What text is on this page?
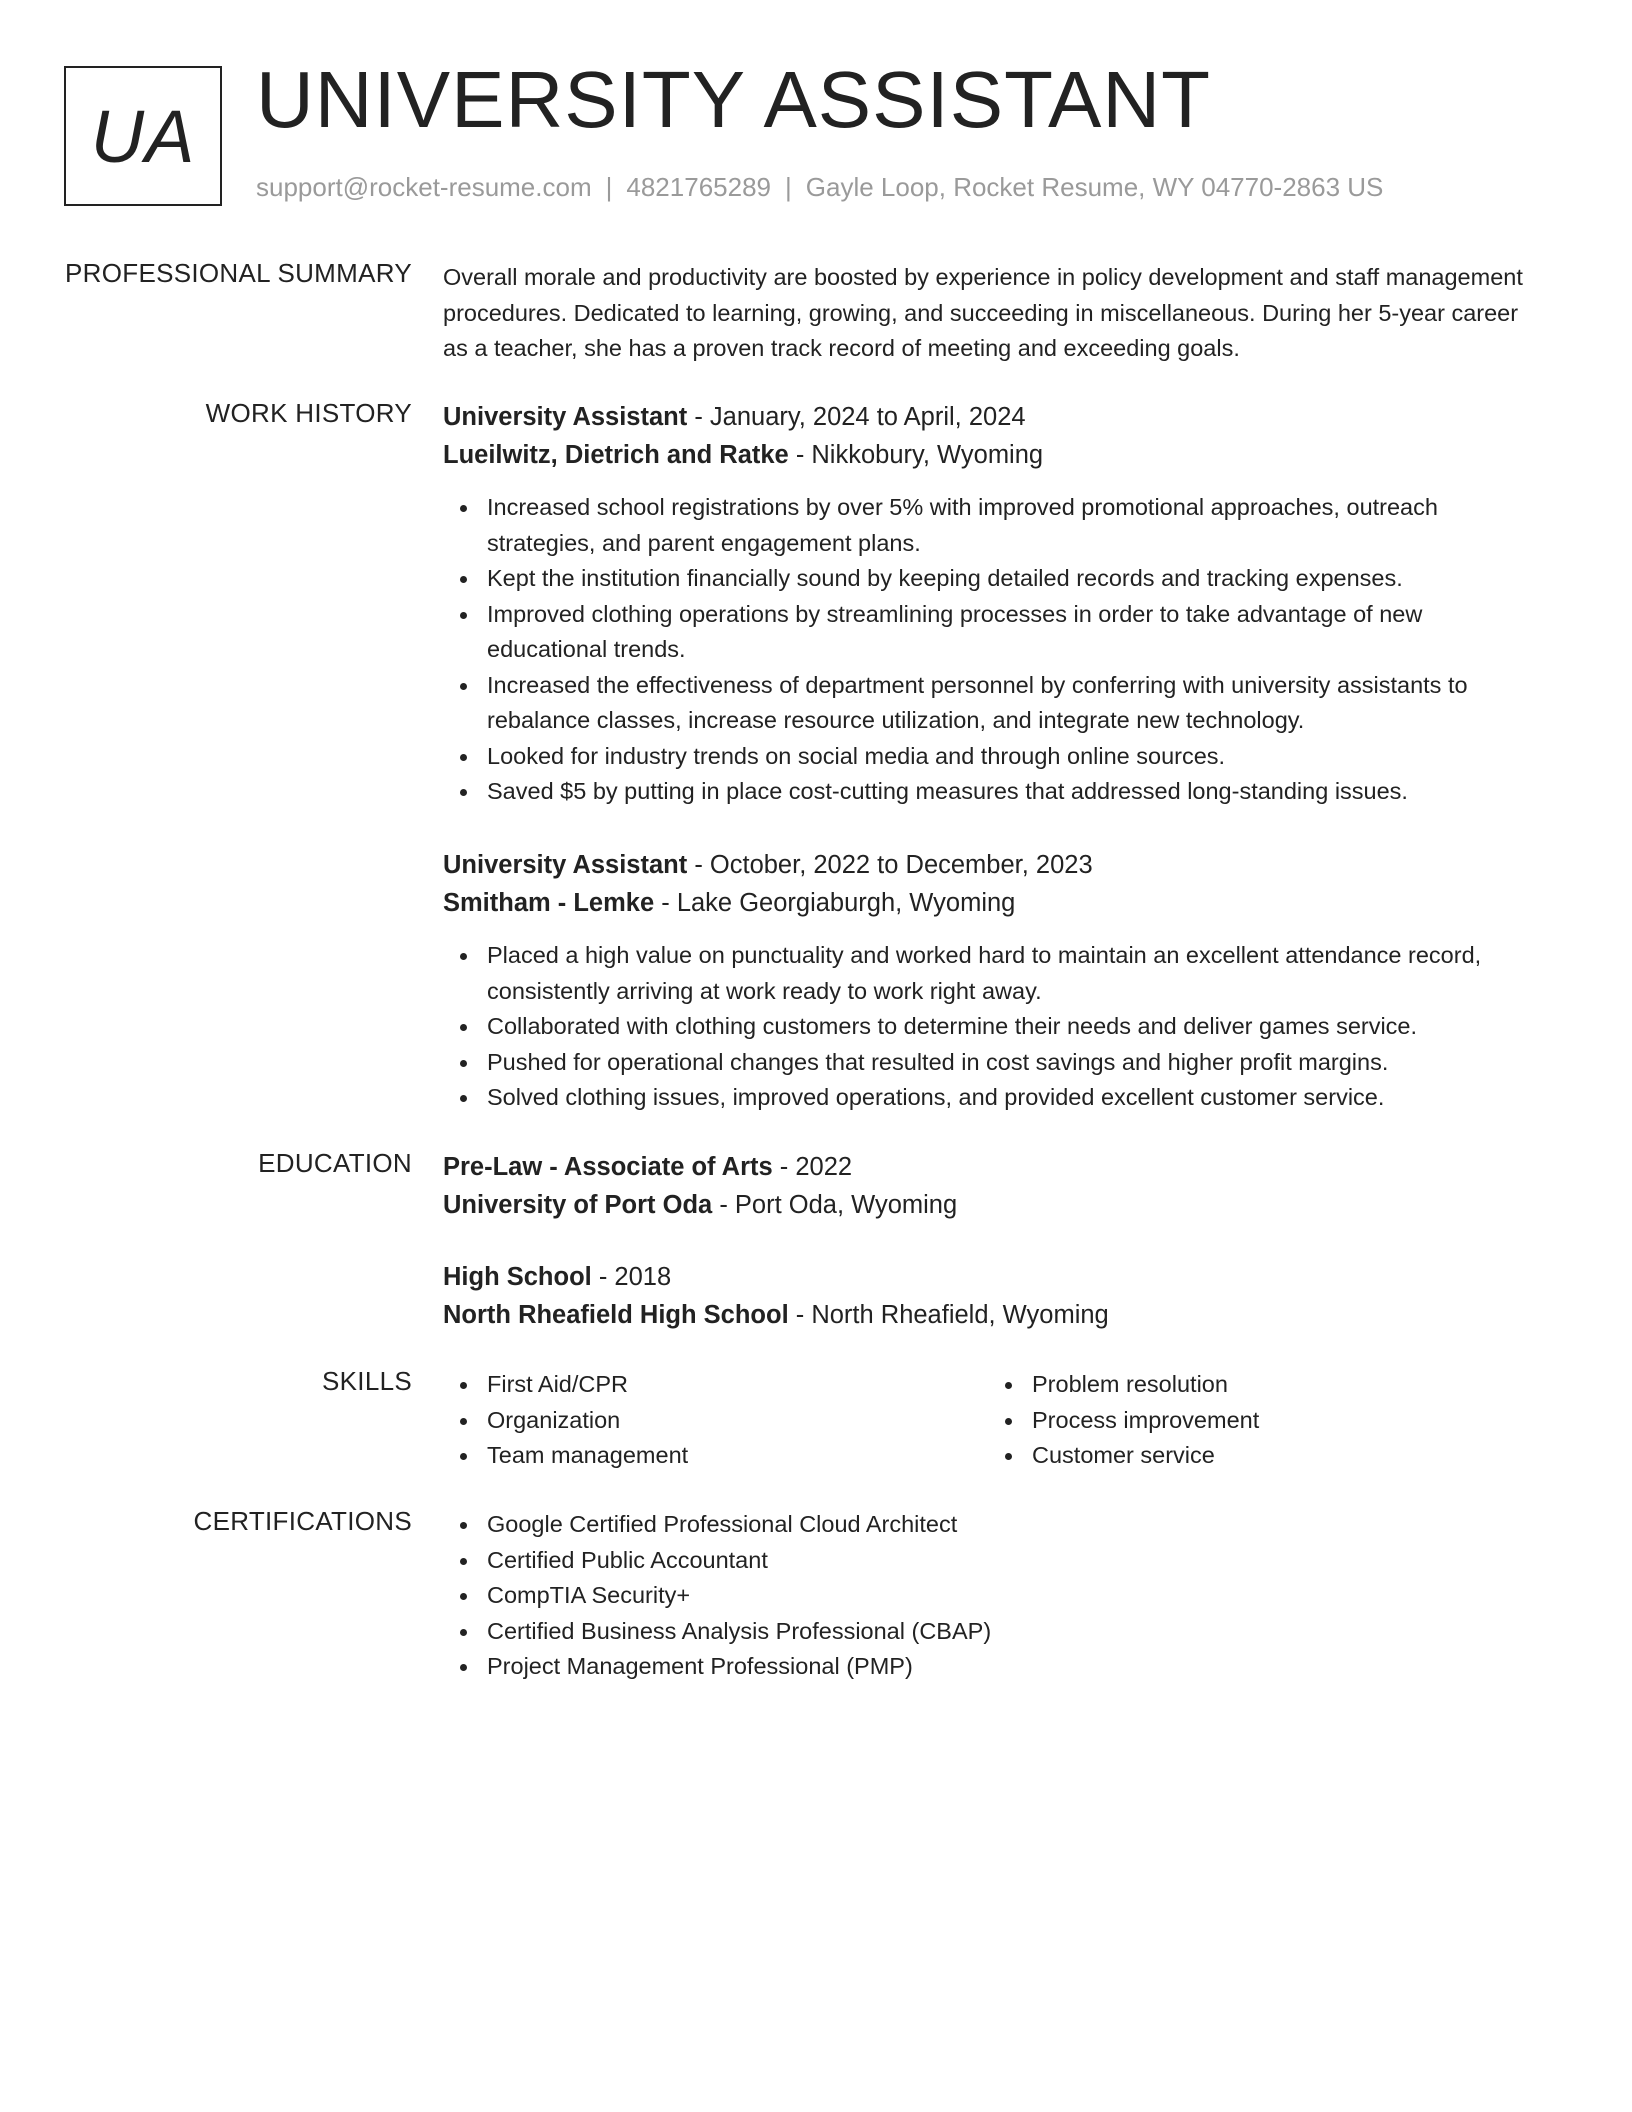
UA UNIVERSITY ASSISTANT
support@rocket-resume.com | 4821765289 | Gayle Loop, Rocket Resume, WY 04770-2863 US
PROFESSIONAL SUMMARY Overall morale and productivity are boosted by experience in policy development and staff management procedures. Dedicated to learning, growing, and succeeding in miscellaneous. During her 5-year career as a teacher, she has a proven track record of meeting and exceeding goals.

WORK HISTORY University Assistant - January, 2024 to April, 2024
Lueilwitz, Dietrich and Ratke - Nikkobury, Wyoming
Increased school registrations by over 5% with improved promotional approaches, outreach strategies, and parent engagement plans.
Kept the institution financially sound by keeping detailed records and tracking expenses.
Improved clothing operations by streamlining processes in order to take advantage of new educational trends.
Increased the effectiveness of department personnel by conferring with university assistants to rebalance classes, increase resource utilization, and integrate new technology.
Looked for industry trends on social media and through online sources.
Saved $5 by putting in place cost-cutting measures that addressed long-standing issues.
University Assistant - October, 2022 to December, 2023
Smitham - Lemke - Lake Georgiaburgh, Wyoming
Placed a high value on punctuality and worked hard to maintain an excellent attendance record, consistently arriving at work ready to work right away.
Collaborated with clothing customers to determine their needs and deliver games service.
Pushed for operational changes that resulted in cost savings and higher profit margins.
Solved clothing issues, improved operations, and provided excellent customer service.
EDUCATION Pre-Law - Associate of Arts - 2022
University of Port Oda - Port Oda, Wyoming
High School - 2018
North Rheafield High School - North Rheafield, Wyoming
SKILLS	First Aid/CPR
Organization
Team management
Problem resolution
Process improvement
Customer service
CERTIFICATIONS	Google Certified Professional Cloud Architect
Certified Public Accountant
CompTIA Security+
Certified Business Analysis Professional (CBAP)
Project Management Professional (PMP)
